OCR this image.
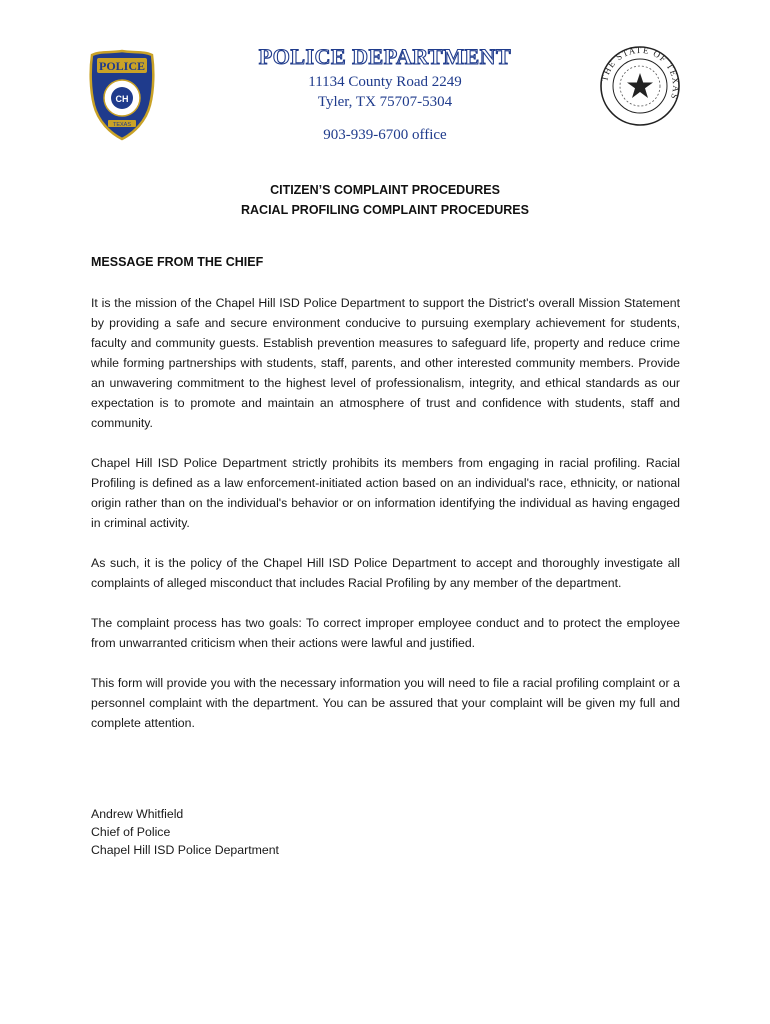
POLICE
CH
TEXAS
POLICE DEPARTMENT
11134 County Road 2249
Tyler, TX 75707-5304
903-939-6700 office
THE STATE OF TEXAS
CITIZEN’S COMPLAINT PROCEDURES
RACIAL PROFILING COMPLAINT PROCEDURES
MESSAGE FROM THE CHIEF

It is the mission of the Chapel Hill ISD Police Department to support the District's overall Mission Statement by providing a safe and secure environment conducive to pursuing exemplary achievement for students, faculty and community guests. Establish prevention measures to safeguard life, property and reduce crime while forming partnerships with students, staff, parents, and other interested community members. Provide an unwavering commitment to the highest level of professionalism, integrity, and ethical standards as our expectation is to promote and maintain an atmosphere of trust and confidence with students, staff and community.

Chapel Hill ISD Police Department strictly prohibits its members from engaging in racial profiling. Racial Profiling is defined as a law enforcement-initiated action based on an individual's race, ethnicity, or national origin rather than on the individual's behavior or on information identifying the individual as having engaged in criminal activity.

As such, it is the policy of the Chapel Hill ISD Police Department to accept and thoroughly investigate all complaints of alleged misconduct that includes Racial Profiling by any member of the department.

The complaint process has two goals: To correct improper employee conduct and to protect the employee from unwarranted criticism when their actions were lawful and justified.

This form will provide you with the necessary information you will need to file a racial profiling complaint or a personnel complaint with the department. You can be assured that your complaint will be given my full and complete attention.

Andrew Whitfield
Chief of Police
Chapel Hill ISD Police Department
